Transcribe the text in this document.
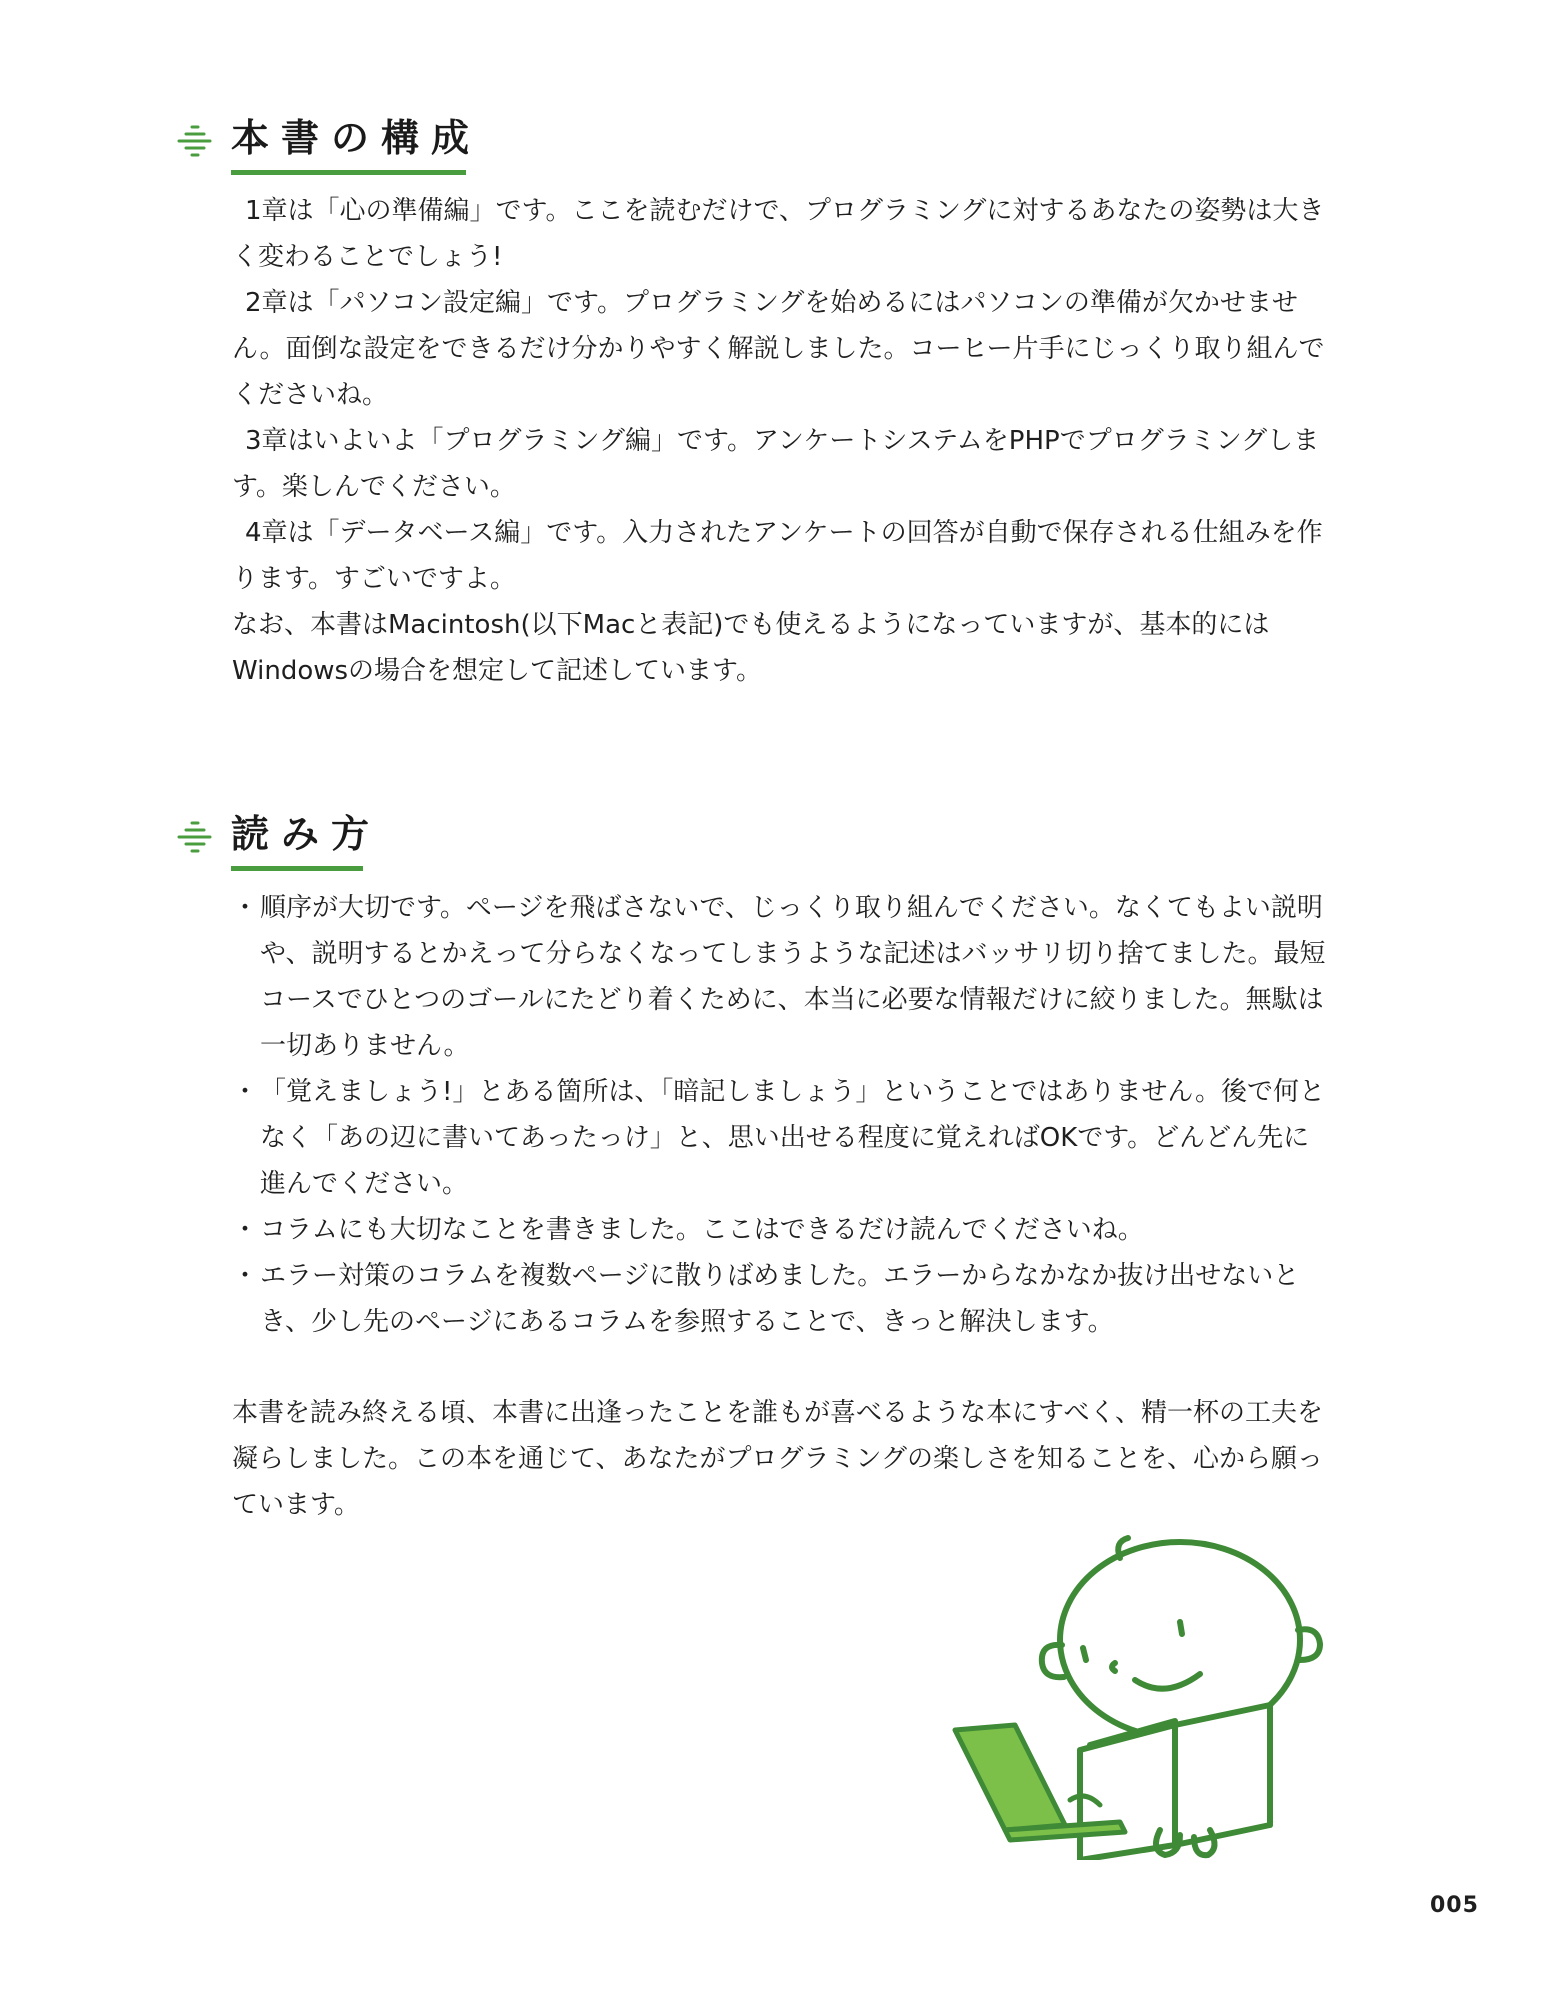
本書の構成

1章は「心の準備編」です。ここを読むだけで、プログラミングに対するあなたの姿勢は大きく変わることでしょう!

2章は「パソコン設定編」です。プログラミングを始めるにはパソコンの準備が欠かせません。面倒な設定をできるだけ分かりやすく解説しました。コーヒー片手にじっくり取り組んでくださいね。

3章はいよいよ「プログラミング編」です。アンケートシステムをPHPでプログラミングします。楽しんでください。

4章は「データベース編」です。入力されたアンケートの回答が自動で保存される仕組みを作ります。すごいですよ。

なお、本書はMacintosh(以下Macと表記)でも使えるようになっていますが、基本的にはWindowsの場合を想定して記述しています。

読み方
・ 順序が大切です。ページを飛ばさないで、じっくり取り組んでください。なくてもよい説明や、説明するとかえって分らなくなってしまうような記述はバッサリ切り捨てました。最短コースでひとつのゴールにたどり着くために、本当に必要な情報だけに絞りました。無駄は一切ありません。
・ 「覚えましょう!」とある箇所は、「暗記しましょう」ということではありません。後で何となく「あの辺に書いてあったっけ」と、思い出せる程度に覚えればOKです。どんどん先に進んでください。
・ コラムにも大切なことを書きました。ここはできるだけ読んでくださいね。
・ エラー対策のコラムを複数ページに散りばめました。エラーからなかなか抜け出せないとき、少し先のページにあるコラムを参照することで、きっと解決します。

本書を読み終える頃、本書に出逢ったことを誰もが喜べるような本にすべく、精一杯の工夫を凝らしました。この本を通じて、あなたがプログラミングの楽しさを知ることを、心から願っています。

005
